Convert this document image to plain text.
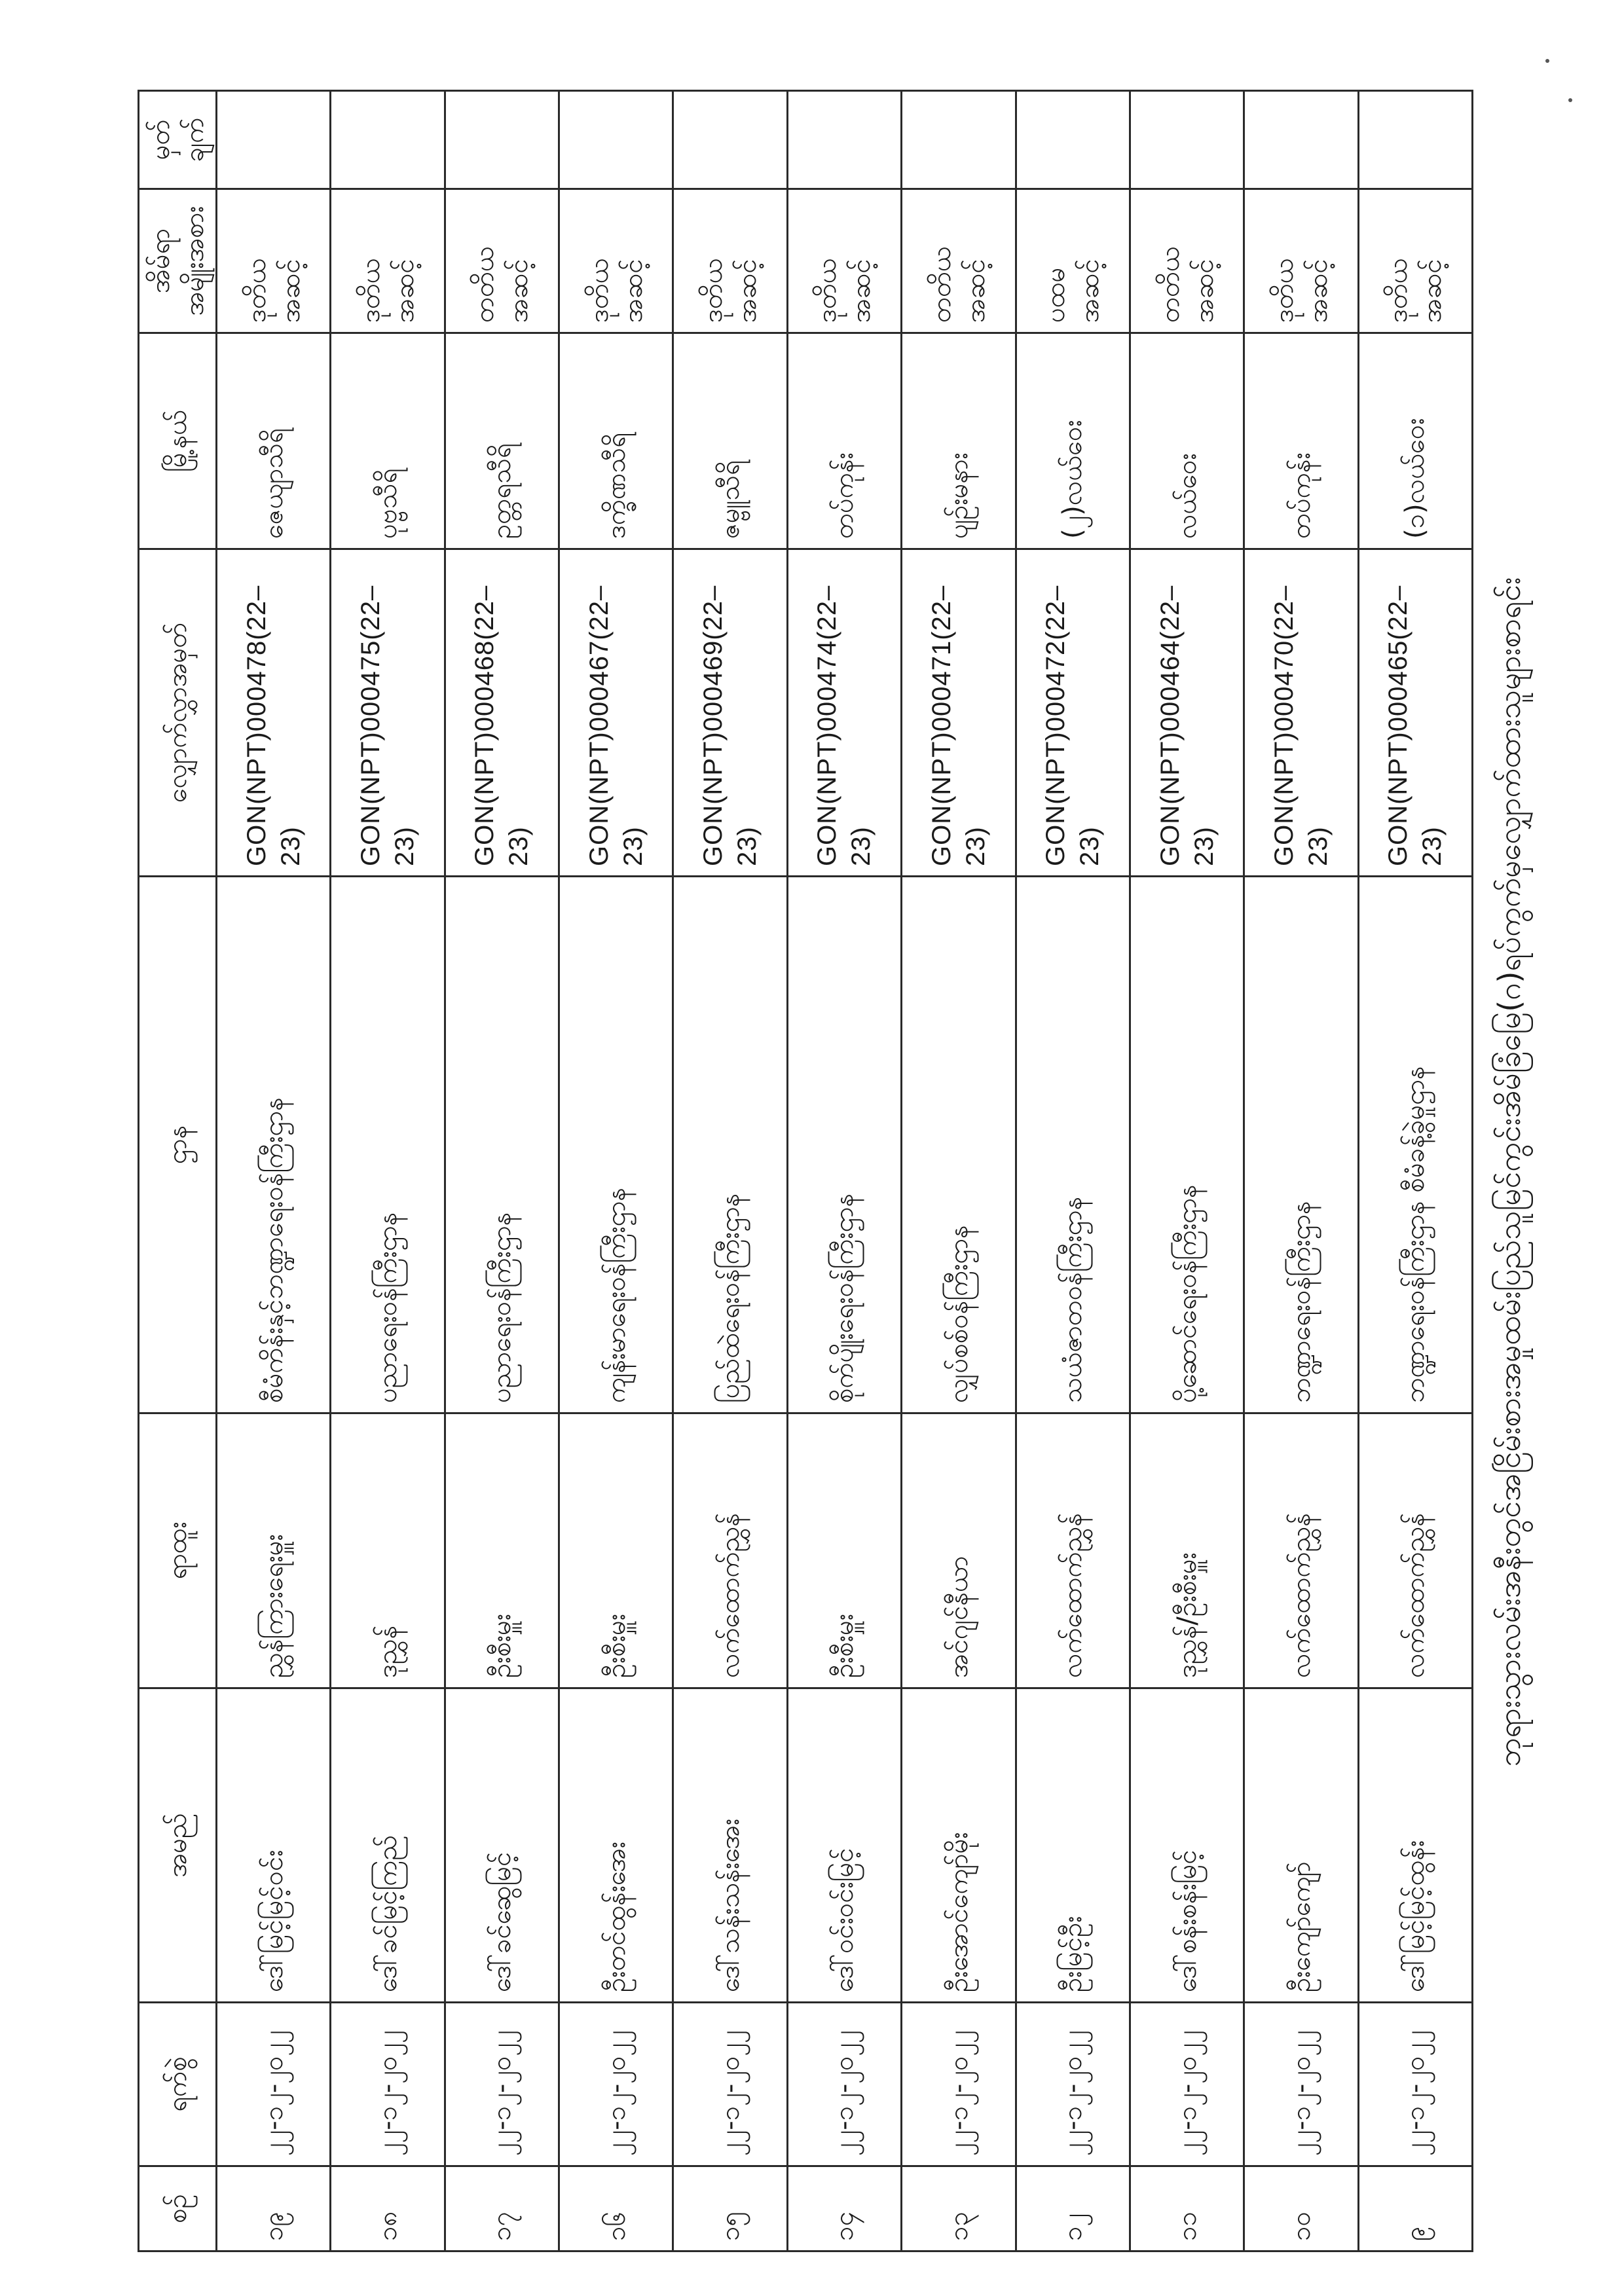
စဉ်	ရက်စွဲ	အမည်	ရာထူး	ဌာန	လျှောက်လွှာအမှတ်	မြို့နယ်	အိမ်ရာ အမျိုးအစား	မှတ် ချက်
၁၉	၂၂-၁၂-၂၀၂၂	ဒေါ်မြင့်မြင့်ဝင်း	ညွှန်ကြားရေးမှူး	စီမံကိန်းနှင့်ဘဏ္ဍာရေးဝန်ကြီးဌာန	GON(NPT)000478(22–23)	ဇေယျာသီရိ	ဒုတိယ အဆင့်	
၁၈	၂၂-၁၂-၂၀၂၂	ဒေါ်ခင်မြင့်ကြည်	ဒုညွှန်	ပညာရေးဝန်ကြီးဌာန	GON(NPT)000475(22–23)	ပုဗ္ဗသီရိ	ဒုတိယ အဆင့်	
၁၇	၂၂-၁၂-၂၀၂၂	ဒေါ်ခင်ဆွေမြင့်	ဦးစီးမှူး	ပညာရေးဝန်ကြီးဌာန	GON(NPT)000468(22–23)	ဥတ္တရသီရိ	တတိယ အဆင့်	
၁၆	၂၂-၁၂-၂၀၂၂	ဦးတင်ထွန်းအေး	ဦးစီးမှူး	ကျန်းမာရေးဝန်ကြီးဌာန	GON(NPT)000467(22–23)	ဒက္ခိဏသီရိ	ဒုတိယ အဆင့်	
၁၅	၂၂-၁၂-၂၀၂၂	ဒေါ်သန်းသန်းအေး	လက်ထောက်ညွှန်	ပြည်ထဲရေးဝန်ကြီးဌာန	GON(NPT)000469(22–23)	ဇမ္ဗူသီရိ	ဒုတိယ အဆင့်	
၁၄	၂၂-၁၂-၂၀၂၂	ဒေါ်ဝင်းဝင်းမြင့်	ဦးစီးမှူး	စိုက်ပျိုးရေးဝန်ကြီးဌာန	GON(NPT)000474(22–23)	တပ်ကုန်း	ဒုတိယ အဆင့်	
၁၃	၂၂-၁၂-၂၀၂၂	ဦးအောင်ကျော်မိုး	အင်ဂျင်နီယာ	လျှပ်စစ်ဝန်ကြီးဌာန	GON(NPT)000471(22–23)	ပျဉ်းမနား	တတိယ အဆင့်	
၁၂	၂၂-၁၂-၂၀၂၂	ဦးမြင့်ဦး	လက်ထောက်ညွှန်	သယံဇာတဝန်ကြီးဌာန	GON(NPT)000472(22–23)	(၂)လယ်ဝေး	ပထမ အဆင့်	
၁၁	၂၂-၁၂-၂၀၂၂	ဒေါ်စန်းစန်းမြင့်	ဒုညွှန်/ဦးစီးမှူး	ပို့ဆောင်ရေးဝန်ကြီးဌာန	GON(NPT)000464(22–23)	လယ်ဝေး	တတိယ အဆင့်	
၁၀	၂၂-၁၂-၂၀၂၂	ဦးကျော်ကျော်	လက်ထောက်ညွှန်	ဘဏ္ဍာရေးဝန်ကြီးဌာန	GON(NPT)000470(22–23)	တပ်ကုန်း	ဒုတိယ အဆင့်	
၉	၂၂-၁၂-၂၀၂၂	ဒေါ်မြင့်မြင့်ထွန်း	လက်ထောက်ညွှန်	ဘဏ္ဍာရေးဝန်ကြီးဌာန စီမံခန့်ခွဲမှုဌာန	GON(NPT)000465(22–23)	(၁)လယ်ဝေး	ဒုတိယ အဆင့်	
ဘုရားသွားလမ်းအနီးတွင်အငြိမ်းစားအမှုထမ်းပြည်သူမြင်ကွင်းအိမ်ခြံမြေ(ဂ)ရပ်ကွက်မှလျှောက်ထားသူများစာရင်း
